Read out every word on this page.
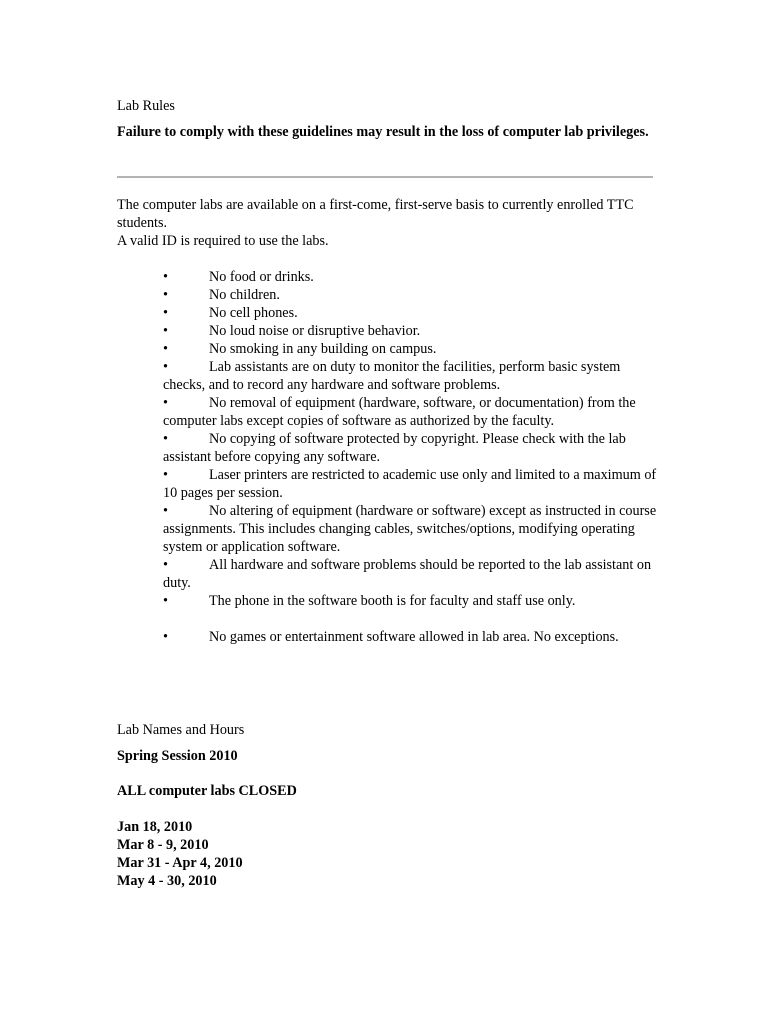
Lab Rules
Failure to comply with these guidelines may result in the loss of computer lab privileges.
The computer labs are available on a first-come, first-serve basis to currently enrolled TTC students.
A valid ID is required to use the labs.
•	No food or drinks.
•	No children.
•	No cell phones.
•	No loud noise or disruptive behavior.
•	No smoking in any building on campus.
•	Lab assistants are on duty to monitor the facilities, perform basic system checks, and to record any hardware and software problems.
•	No removal of equipment (hardware, software, or documentation) from the computer labs except copies of software as authorized by the faculty.
•	No copying of software protected by copyright. Please check with the lab assistant before copying any software.
•	Laser printers are restricted to academic use only and limited to a maximum of 10 pages per session.
•	No altering of equipment (hardware or software) except as instructed in course assignments. This includes changing cables, switches/options, modifying operating system or application software.
•	All hardware and software problems should be reported to the lab assistant on duty.
•	The phone in the software booth is for faculty and staff use only.
•	No games or entertainment software allowed in lab area. No exceptions.
Lab Names and Hours
Spring Session 2010
ALL computer labs CLOSED
Jan 18, 2010
Mar 8 - 9, 2010
Mar 31 - Apr 4, 2010
May 4 - 30, 2010
